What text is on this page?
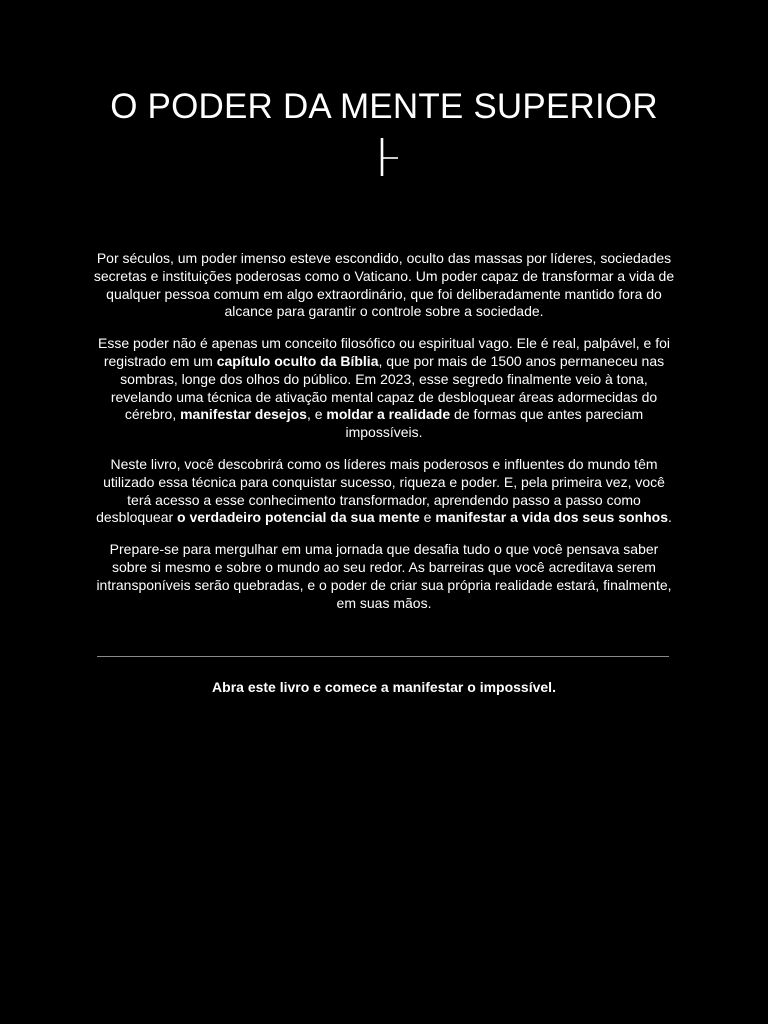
O PODER DA MENTE SUPERIOR

Por séculos, um poder imenso esteve escondido, oculto das massas por líderes, sociedades secretas e instituições poderosas como o Vaticano. Um poder capaz de transformar a vida de qualquer pessoa comum em algo extraordinário, que foi deliberadamente mantido fora do alcance para garantir o controle sobre a sociedade.

Esse poder não é apenas um conceito filosófico ou espiritual vago. Ele é real, palpável, e foi registrado em um capítulo oculto da Bíblia, que por mais de 1500 anos permaneceu nas sombras, longe dos olhos do público. Em 2023, esse segredo finalmente veio à tona, revelando uma técnica de ativação mental capaz de desbloquear áreas adormecidas do cérebro, manifestar desejos, e moldar a realidade de formas que antes pareciam impossíveis.

Neste livro, você descobrirá como os líderes mais poderosos e influentes do mundo têm utilizado essa técnica para conquistar sucesso, riqueza e poder. E, pela primeira vez, você terá acesso a esse conhecimento transformador, aprendendo passo a passo como desbloquear o verdadeiro potencial da sua mente e manifestar a vida dos seus sonhos.

Prepare-se para mergulhar em uma jornada que desafia tudo o que você pensava saber sobre si mesmo e sobre o mundo ao seu redor. As barreiras que você acreditava serem intransponíveis serão quebradas, e o poder de criar sua própria realidade estará, finalmente, em suas mãos.

Abra este livro e comece a manifestar o impossível.
